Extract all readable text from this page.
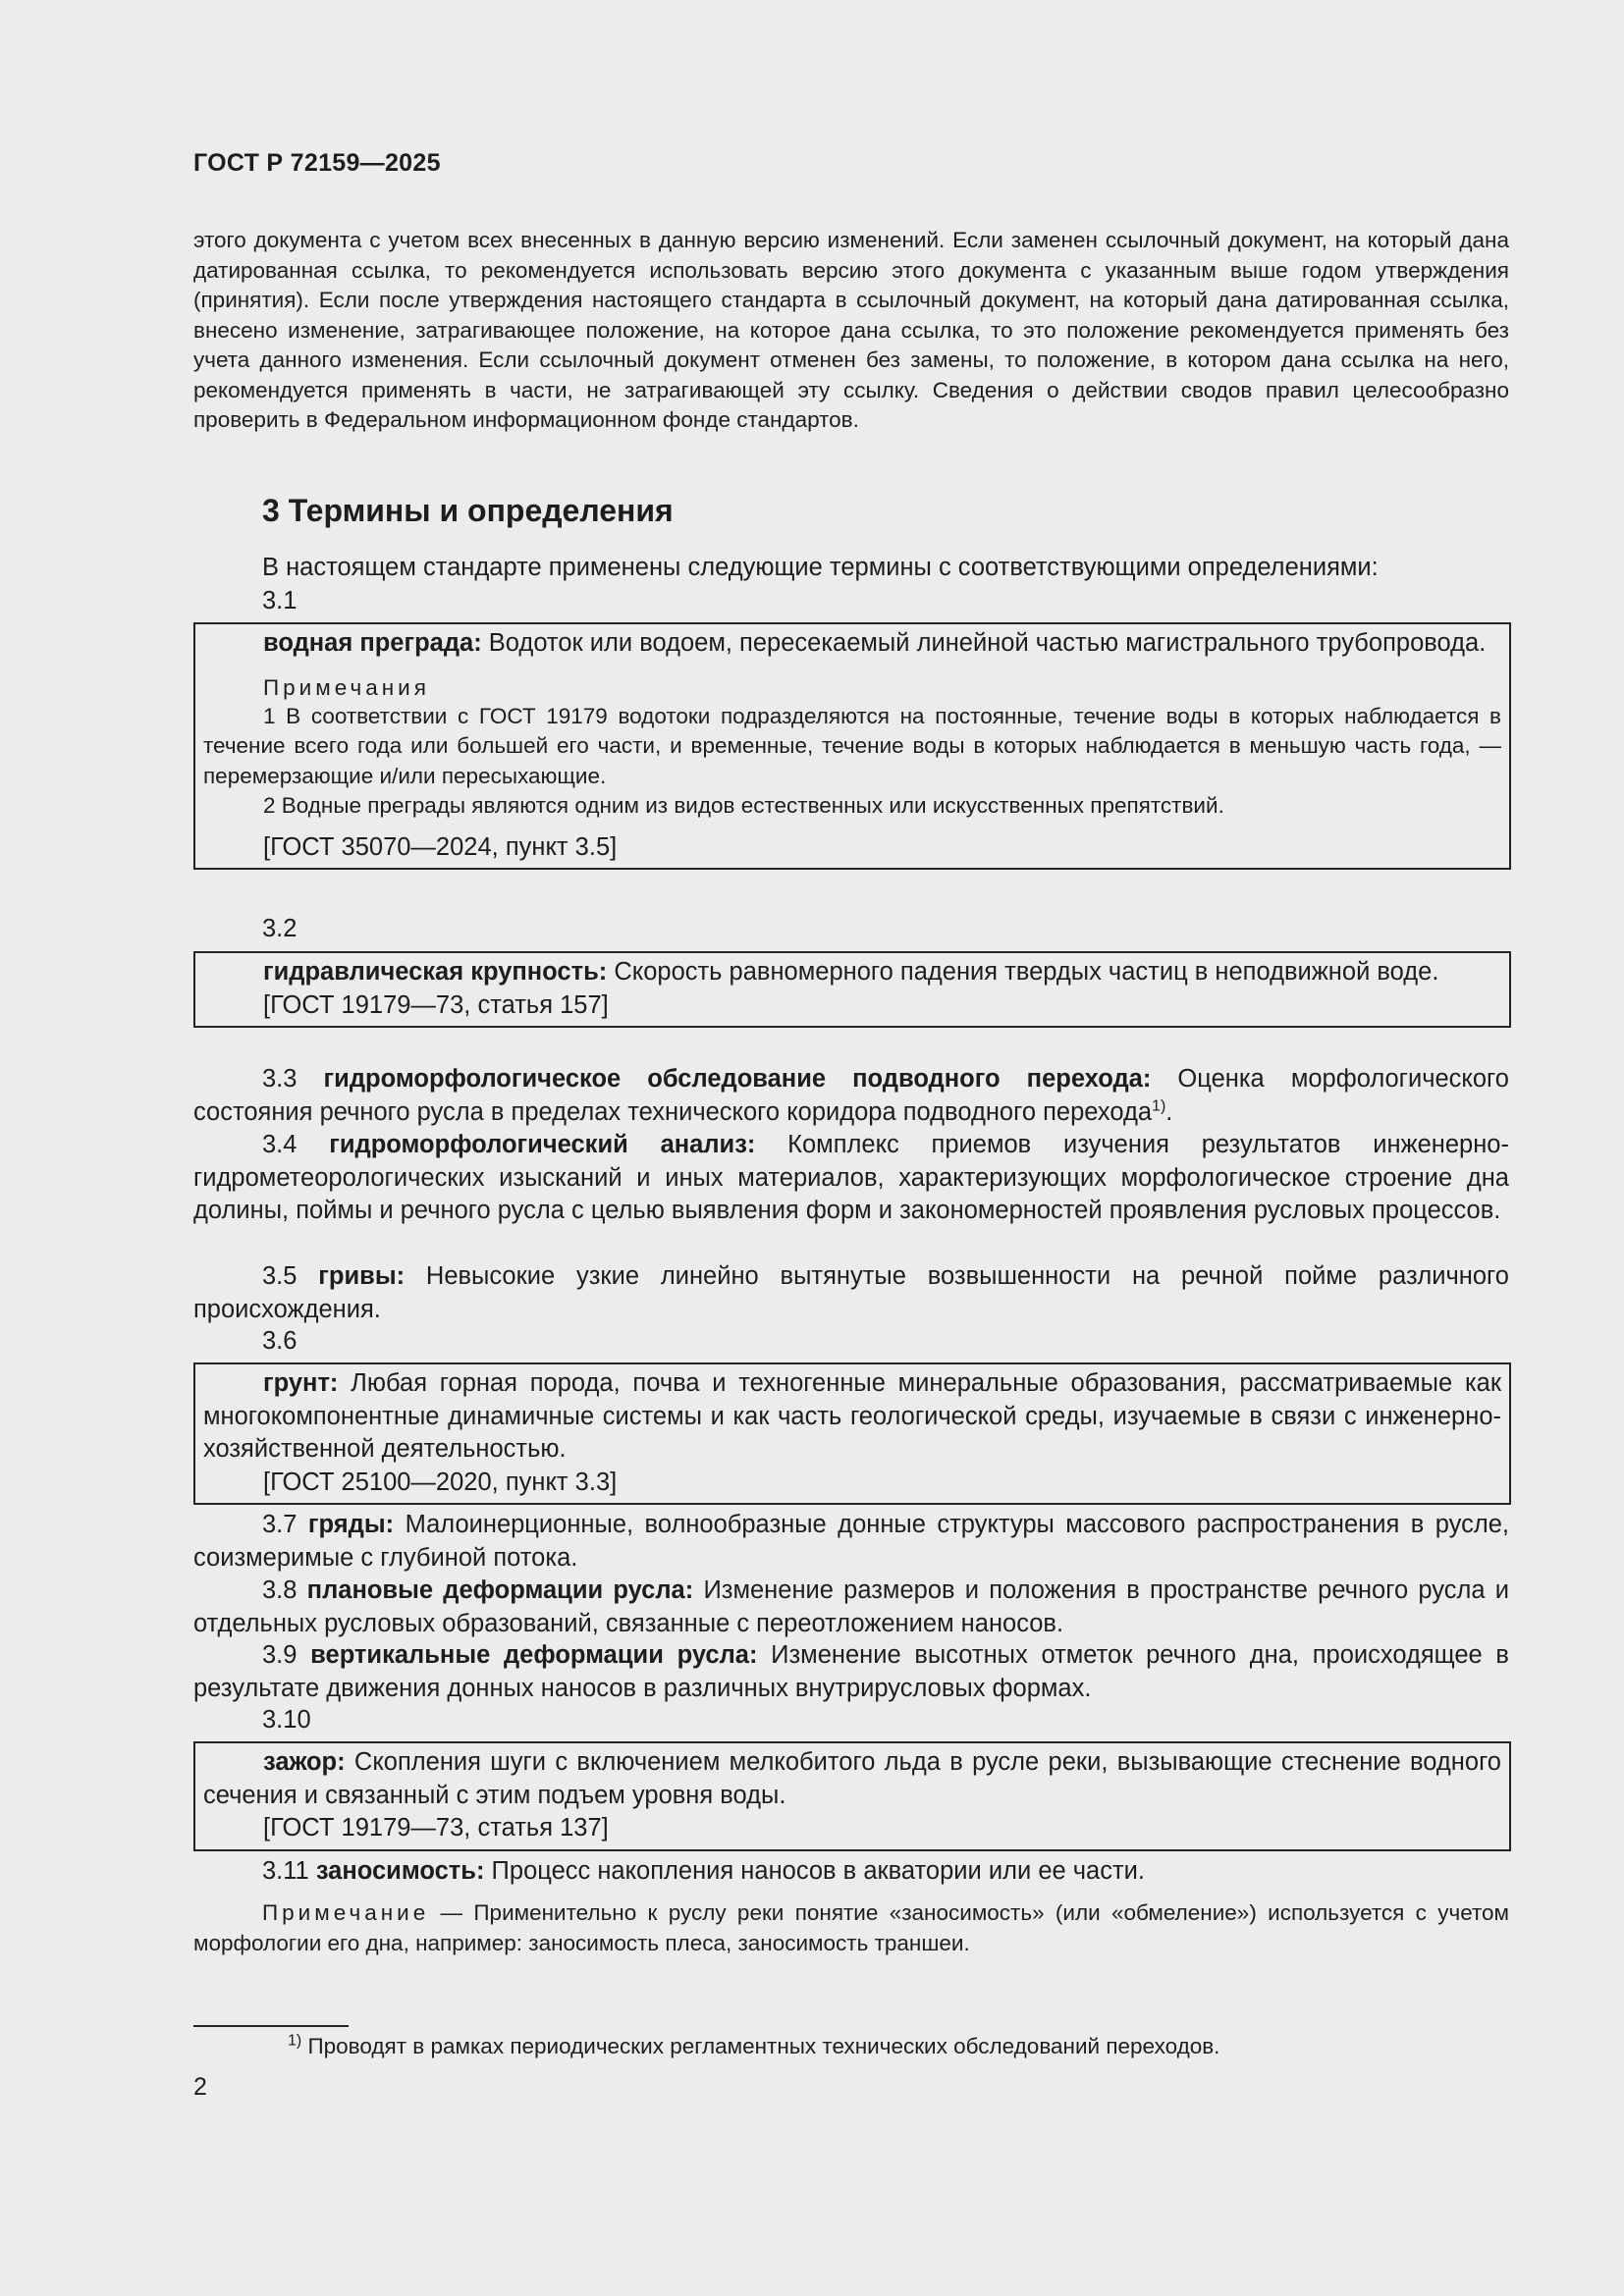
ГОСТ Р 72159—2025
этого документа с учетом всех внесенных в данную версию изменений. Если заменен ссылочный документ, на который дана датированная ссылка, то рекомендуется использовать версию этого документа с указанным выше годом утверждения (принятия). Если после утверждения настоящего стандарта в ссылочный документ, на который дана датированная ссылка, внесено изменение, затрагивающее положение, на которое дана ссылка, то это положение рекомендуется применять без учета данного изменения. Если ссылочный документ отменен без замены, то положение, в котором дана ссылка на него, рекомендуется применять в части, не затрагивающей эту ссылку. Сведения о действии сводов правил целесообразно проверить в Федеральном информационном фонде стандартов.
3 Термины и определения
В настоящем стандарте применены следующие термины с соответствующими определениями:
3.1
водная преграда: Водоток или водоем, пересекаемый линейной частью магистрального трубопровода.
Примечания
1 В соответствии с ГОСТ 19179 водотоки подразделяются на постоянные, течение воды в которых наблюдается в течение всего года или большей его части, и временные, течение воды в которых наблюдается в меньшую часть года, — перемерзающие и/или пересыхающие.
2 Водные преграды являются одним из видов естественных или искусственных препятствий.
[ГОСТ 35070—2024, пункт 3.5]
3.2
гидравлическая крупность: Скорость равномерного падения твердых частиц в неподвижной воде.
[ГОСТ 19179—73, статья 157]
3.3 гидроморфологическое обследование подводного перехода: Оценка морфологического состояния речного русла в пределах технического коридора подводного перехода$^{1)}$.
3.4 гидроморфологический анализ: Комплекс приемов изучения результатов инженерно-гидрометеорологических изысканий и иных материалов, характеризующих морфологическое строение дна долины, поймы и речного русла с целью выявления форм и закономерностей проявления русловых процессов.
3.5 гривы: Невысокие узкие линейно вытянутые возвышенности на речной пойме различного происхождения.
3.6
грунт: Любая горная порода, почва и техногенные минеральные образования, рассматриваемые как многокомпонентные динамичные системы и как часть геологической среды, изучаемые в связи с инженерно-хозяйственной деятельностью.
[ГОСТ 25100—2020, пункт 3.3]
3.7 гряды: Малоинерционные, волнообразные донные структуры массового распространения в русле, соизмеримые с глубиной потока.
3.8 плановые деформации русла: Изменение размеров и положения в пространстве речного русла и отдельных русловых образований, связанные с переотложением наносов.
3.9 вертикальные деформации русла: Изменение высотных отметок речного дна, происходящее в результате движения донных наносов в различных внутрирусловых формах.
3.10
зажор: Скопления шуги с включением мелкобитого льда в русле реки, вызывающие стеснение водного сечения и связанный с этим подъем уровня воды.
[ГОСТ 19179—73, статья 137]
3.11 заносимость: Процесс накопления наносов в акватории или ее части.
Примечание — Применительно к руслу реки понятие «заносимость» (или «обмеление») используется с учетом морфологии его дна, например: заносимость плеса, заносимость траншеи.
$^{1)}$ Проводят в рамках периодических регламентных технических обследований переходов.
2
